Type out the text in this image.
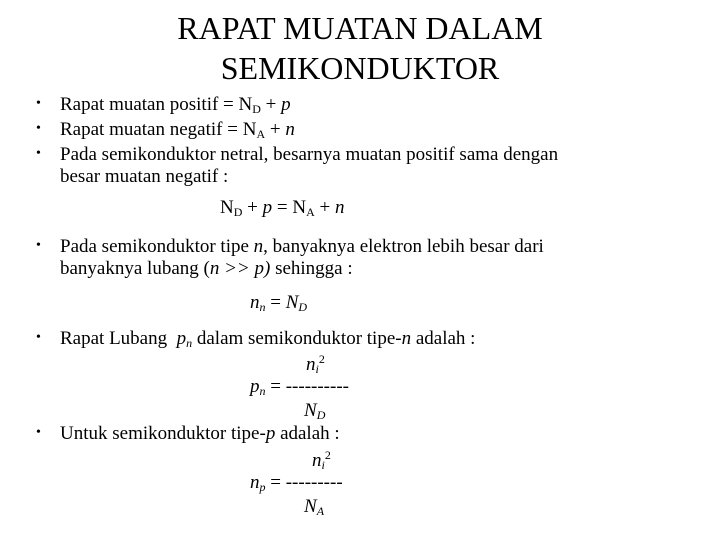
RAPAT MUATAN DALAM
SEMIKONDUKTOR
• Rapat muatan positif = $N_D + p$
• Rapat muatan negatif = $N_A + n$
• Pada semikonduktor netral, besarnya muatan positif sama dengan
besar muatan negatif :
$N_D + p = N_A + n$
• Pada semikonduktor tipe n, banyaknya elektron lebih besar dari
banyaknya lubang (n >> p) sehingga :
$n_n = N_D$
• Rapat Lubang  $p_n$ dalam semikonduktor tipe-n adalah :
$n_i^2$
$p_n$ = ----------
$N_D$
• Untuk semikonduktor tipe-p adalah :
$n_i^2$
$n_p$ = ---------
$N_A$
